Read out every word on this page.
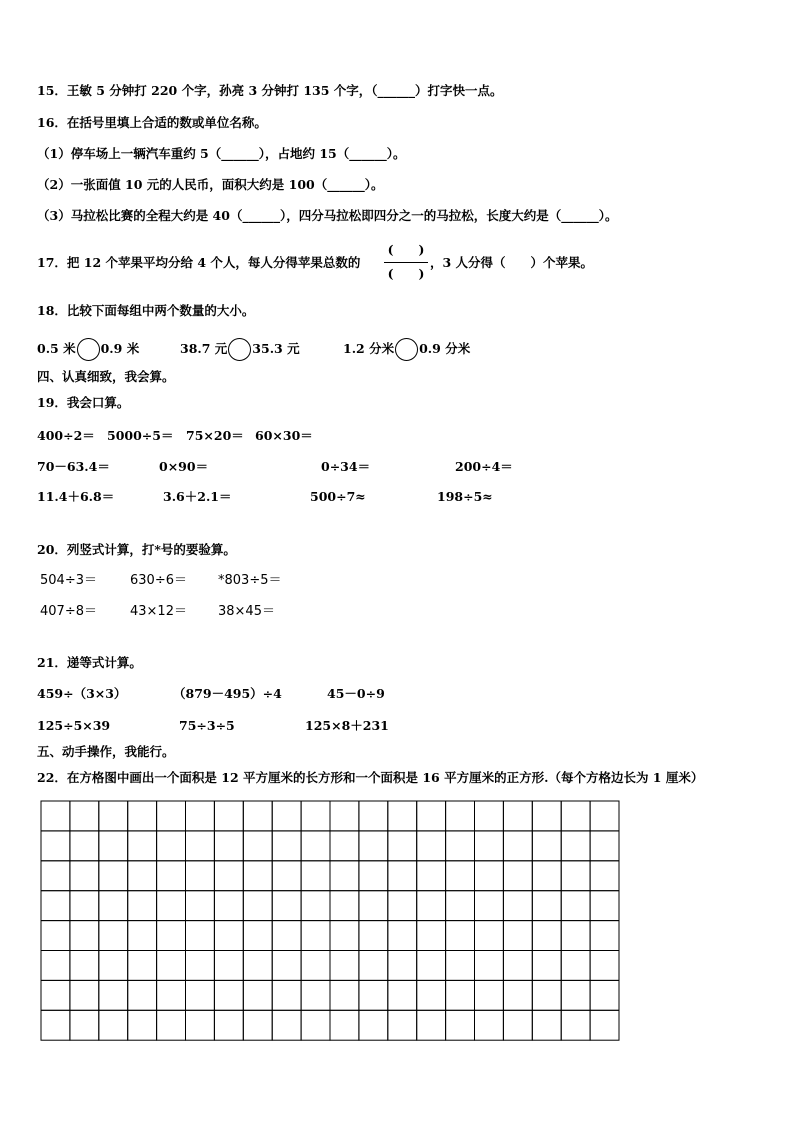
15．王敏 5 分钟打 220 个字，孙亮 3 分钟打 135 个字，（______）打字快一点。
16．在括号里填上合适的数或单位名称。
（1）停车场上一辆汽车重约 5（______），占地约 15（______）。
（2）一张面值 10 元的人民币，面积大约是 100（______）。
（3）马拉松比赛的全程大约是 40（______），四分马拉松即四分之一的马拉松，长度大约是（______）。
17．把 12 个苹果平均分给 4 个人，每人分得苹果总数的
(　　)
(　　)
，3 人分得（　　）个苹果。
18．比较下面每组中两个数量的大小。
0.5 米 0.9 米	38.7 元 35.3 元	1.2 分米 0.9 分米
四、认真细致，我会算。
19．我会口算。
400÷2＝ 5000÷5＝ 75×20＝ 60×30＝
70－63.4＝	0×90＝	0÷34＝	200÷4＝
11.4＋6.8＝	3.6＋2.1＝	500÷7≈	198÷5≈
20．列竖式计算，打*号的要验算。
504÷3＝	630÷6＝ *803÷5＝
407÷8＝	43×12＝ 38×45＝
21．递等式计算。
459÷（3×3）	（879－495）÷4	45－0÷9
125÷5×39	75÷3÷5	125×8＋231
五、动手操作，我能行。
22．在方格图中画出一个面积是 12 平方厘米的长方形和一个面积是 16 平方厘米的正方形.（每个方格边长为 1 厘米）
